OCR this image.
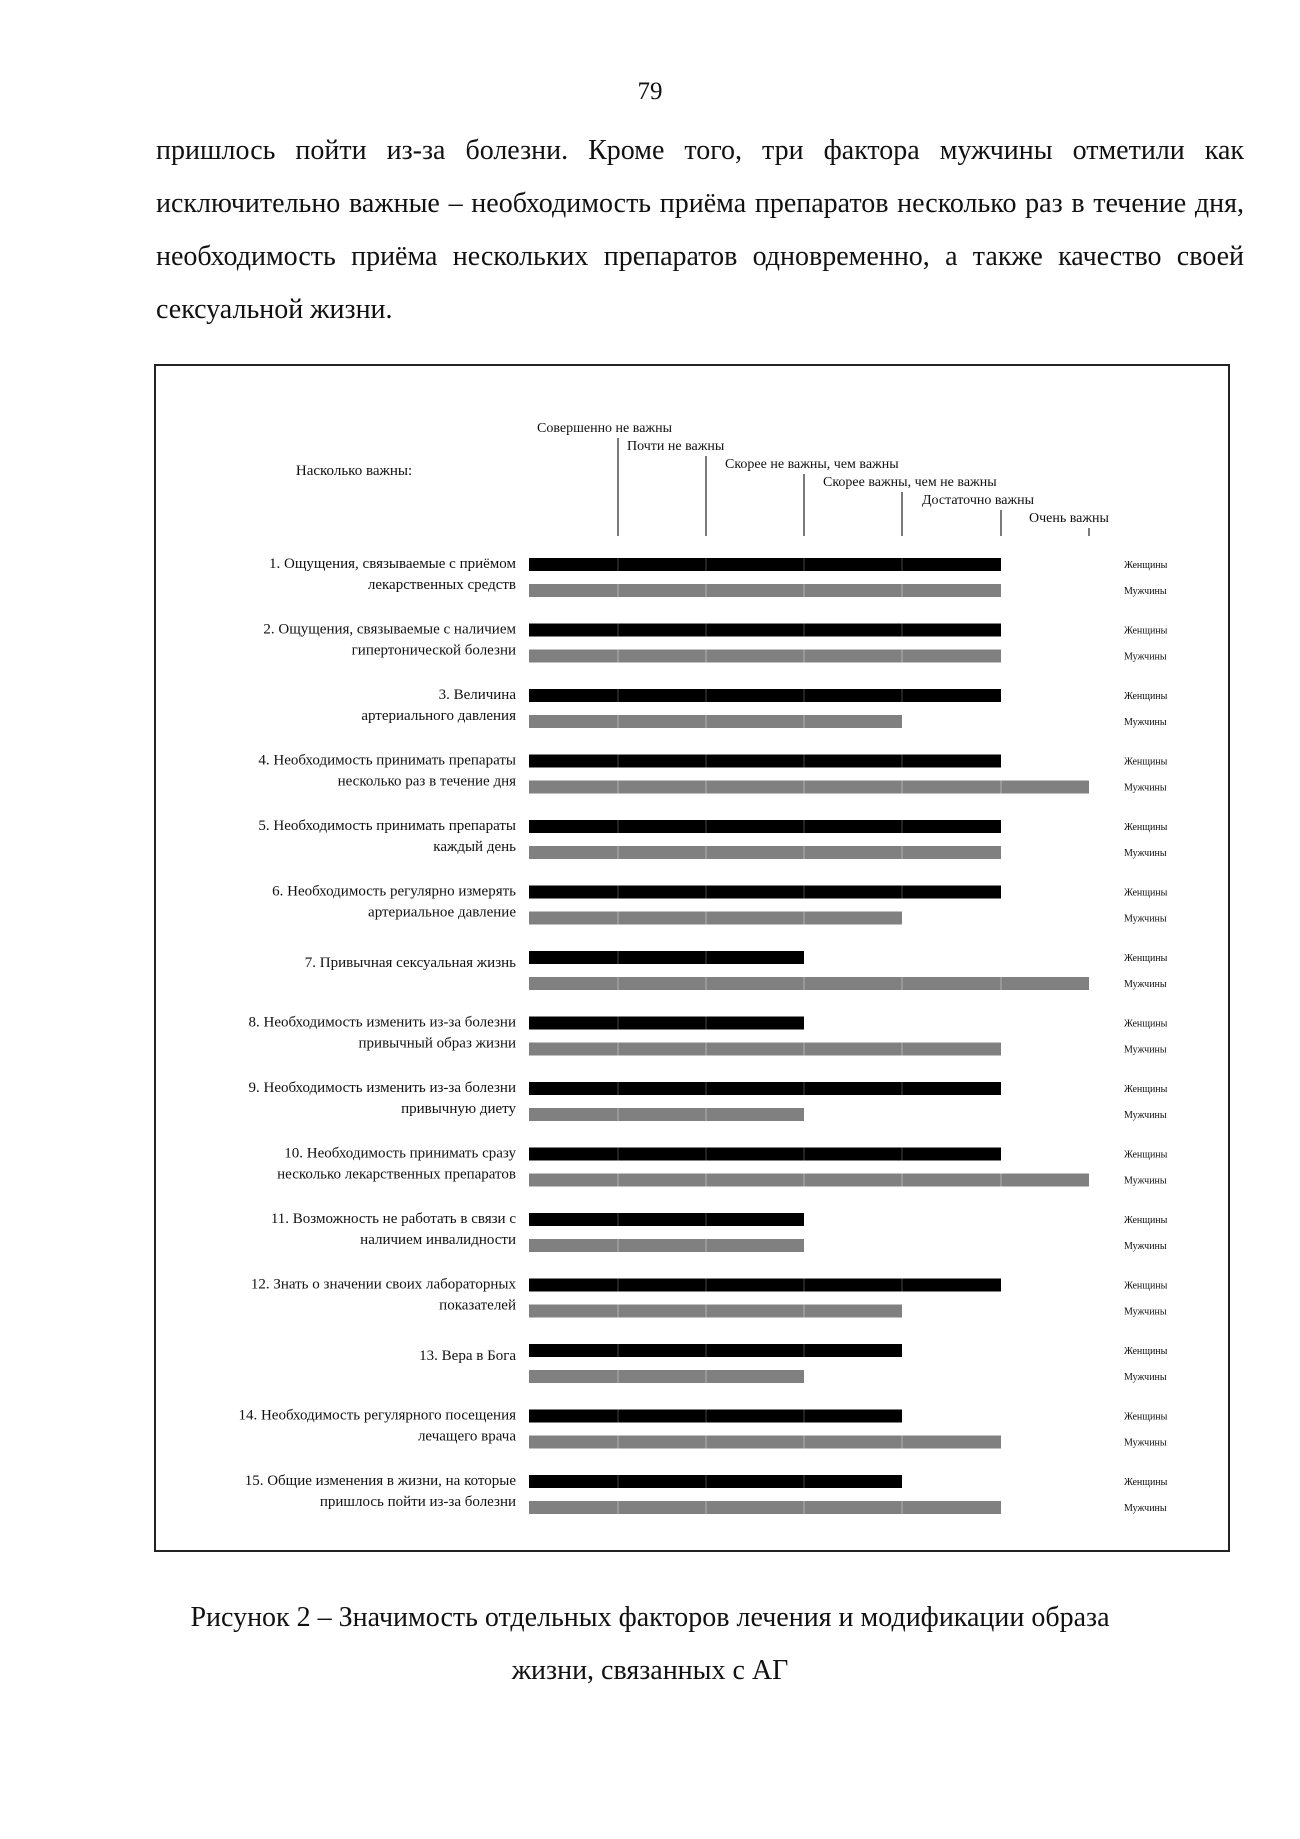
79

пришлось пойти из-за болезни. Кроме того, три фактора мужчины отметили как исключительно важные – необходимость приёма препаратов несколько раз в течение дня, необходимость приёма нескольких препаратов одновременно, а также качество своей сексуальной жизни.

Насколько важны:
Совершенно не важны
Почти не важны
Скорее не важны, чем важны
Скорее важны, чем не важны
Достаточно важны
Очень важны
1. Ощущения, связываемые с приёмом
лекарственных средств
Женщины
Мужчины
2. Ощущения, связываемые с наличием
гипертонической болезни
Женщины
Мужчины
3. Величина
артериального давления
Женщины
Мужчины
4. Необходимость принимать препараты
несколько раз в течение дня
Женщины
Мужчины
5. Необходимость принимать препараты
каждый день
Женщины
Мужчины
6. Необходимость регулярно измерять
артериальное давление
Женщины
Мужчины
7. Привычная сексуальная жизнь	Женщины
Мужчины
8. Необходимость изменить из-за болезни
привычный образ жизни
Женщины
Мужчины
9. Необходимость изменить из-за болезни
привычную диету
Женщины
Мужчины
10. Необходимость принимать сразу
несколько лекарственных препаратов
Женщины
Мужчины
11. Возможность не работать в связи с
наличием инвалидности
Женщины
Мужчины
12. Знать о значении своих лабораторных
показателей
Женщины
Мужчины
13. Вера в Бога	Женщины
Мужчины
14. Необходимость регулярного посещения
лечащего врача
Женщины
Мужчины
15. Общие изменения в жизни, на которые
пришлось пойти из-за болезни
Женщины
Мужчины

Рисунок 2 – Значимость отдельных факторов лечения и модификации образа
жизни, связанных с АГ
